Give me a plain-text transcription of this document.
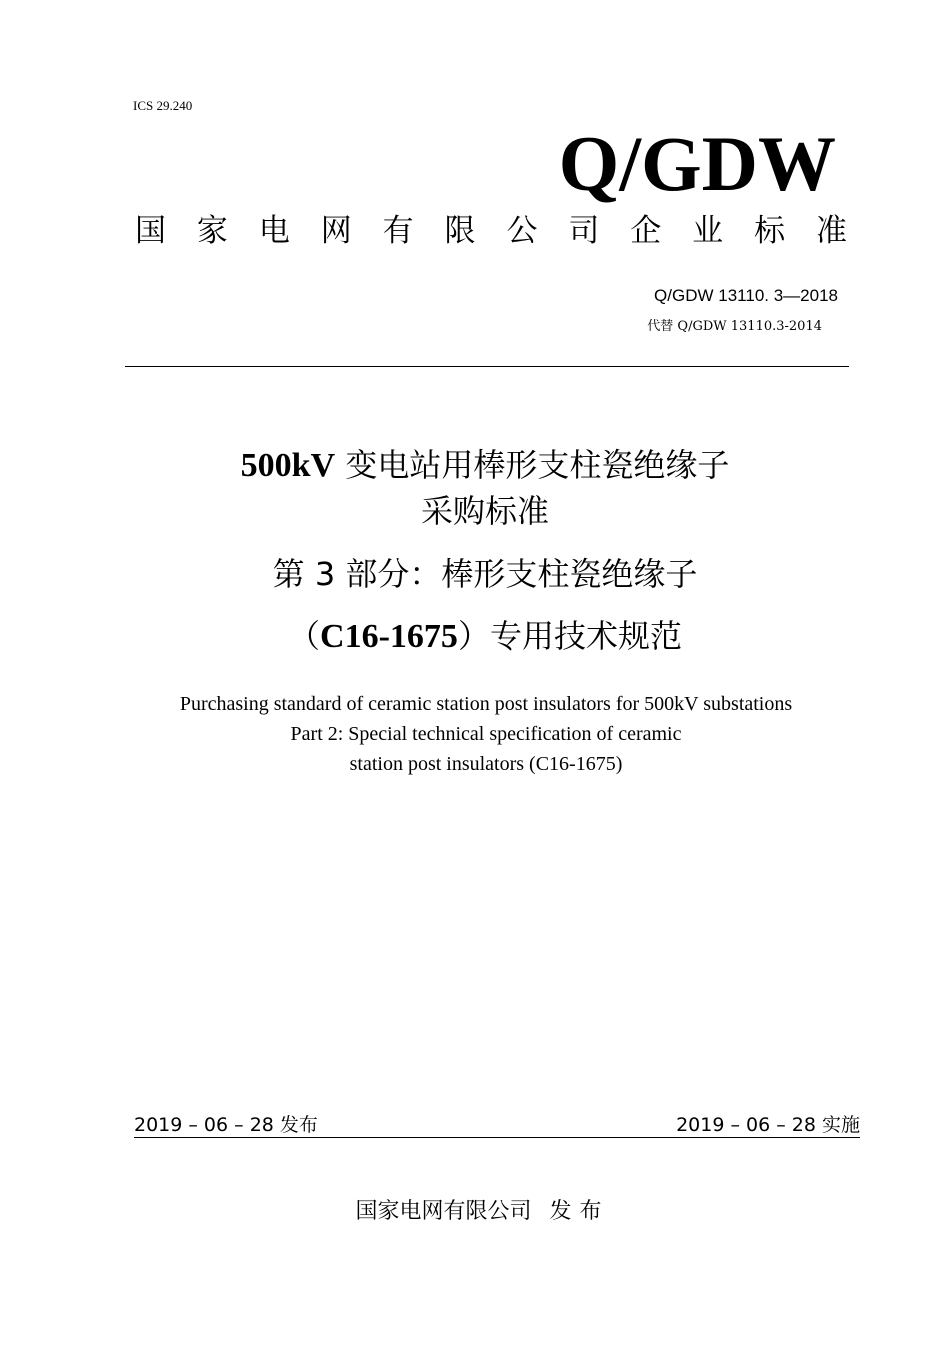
ICS 29.240
Q/GDW
国 家 电 网 有 限 公 司 企 业 标 准
Q/GDW 13110. 3—2018
代替 Q/GDW 13110.3-2014
500kV 变电站用棒形支柱瓷绝缘子
采购标准
第 3 部分：棒形支柱瓷绝缘子
（C16-1675）专用技术规范
Purchasing standard of ceramic station post insulators for 500kV substations
Part 2: Special technical specification of ceramic
station post insulators (C16-1675)
2019 – 06 – 28 发布	2019 – 06 – 28 实施
国家电网有限公司 发布
